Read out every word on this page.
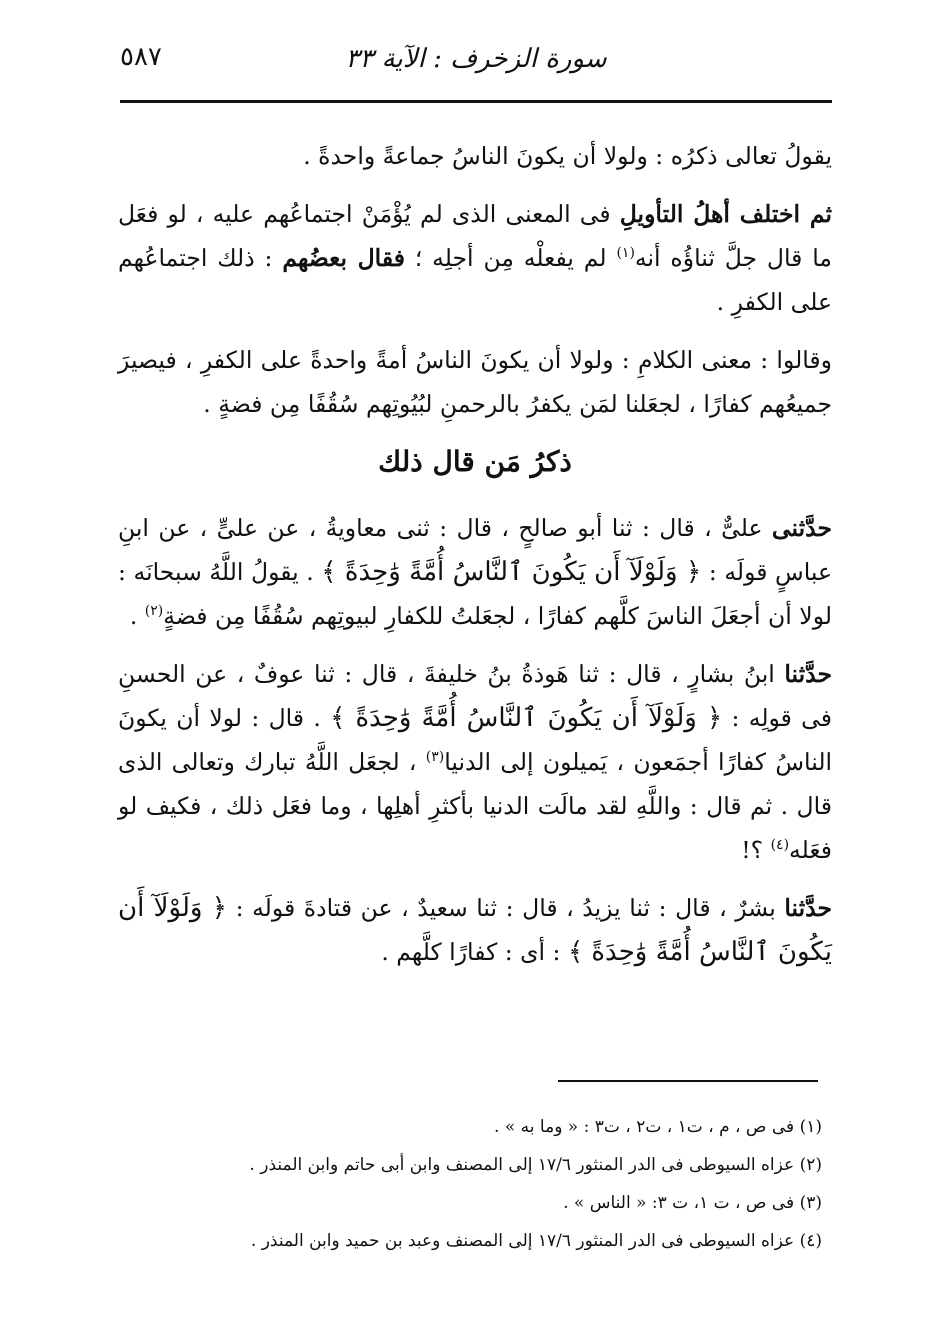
٥٨٧	سورة الزخرف : الآية ٣٣

يقولُ تعالى ذكرُه : ولولا أن يكونَ الناسُ جماعةً واحدةً .

ثم اختلف أهلُ التأويلِ فى المعنى الذى لم يُؤْمَنْ اجتماعُهم عليه ، لو فعَل ما قال جلَّ ثناؤُه أنه$^{(١)}$ لم يفعلْه مِن أجلِه ؛ فقال بعضُهم : ذلك اجتماعُهم على الكفرِ .

وقالوا : معنى الكلامِ : ولولا أن يكونَ الناسُ أمةً واحدةً على الكفرِ ، فيصيرَ جميعُهم كفارًا ، لجعَلنا لمَن يكفرُ بالرحمنِ لبُيُوتِهم سُقُفًا مِن فضةٍ .

ذكرُ مَن قال ذلك

حدَّثنى علىٌّ ، قال : ثنا أبو صالحٍ ، قال : ثنى معاويةُ ، عن علىٍّ ، عن ابنِ عباسٍ قولَه : ﴿ وَلَوْلَآ أَن يَكُونَ ٱلنَّاسُ أُمَّةً وَٰحِدَةً ﴾ . يقولُ اللَّهُ سبحانَه : لولا أن أجعَلَ الناسَ كلَّهم كفارًا ، لجعَلتُ للكفارِ لبيوتِهم سُقُفًا مِن فضةٍ$^{(٢)}$ .

حدَّثنا ابنُ بشارٍ ، قال : ثنا هَوذةُ بنُ خليفةَ ، قال : ثنا عوفٌ ، عن الحسنِ فى قولِه : ﴿ وَلَوْلَآ أَن يَكُونَ ٱلنَّاسُ أُمَّةً وَٰحِدَةً ﴾ . قال : لولا أن يكونَ الناسُ كفارًا أجمَعون ، يَميلون إلى الدنيا$^{(٣)}$ ، لجعَل اللَّهُ تبارك وتعالى الذى قال . ثم قال : واللَّهِ لقد مالَت الدنيا بأكثرِ أهلِها ، وما فعَل ذلك ، فكيف لو فعَله$^{(٤)}$ ؟!

حدَّثنا بشرٌ ، قال : ثنا يزيدُ ، قال : ثنا سعيدٌ ، عن قتادةَ قولَه : ﴿ وَلَوْلَآ أَن يَكُونَ ٱلنَّاسُ أُمَّةً وَٰحِدَةً ﴾ : أى : كفارًا كلَّهم .

(١) فى ص ، م ، ت١ ، ت٢ ، ت٣ : « وما به » .

(٢) عزاه السيوطى فى الدر المنثور ١٧/٦ إلى المصنف وابن أبى حاتم وابن المنذر .

(٣) فى ص ، ت ١، ت ٣: « الناس » .

(٤) عزاه السيوطى فى الدر المنثور ١٧/٦ إلى المصنف وعبد بن حميد وابن المنذر .
